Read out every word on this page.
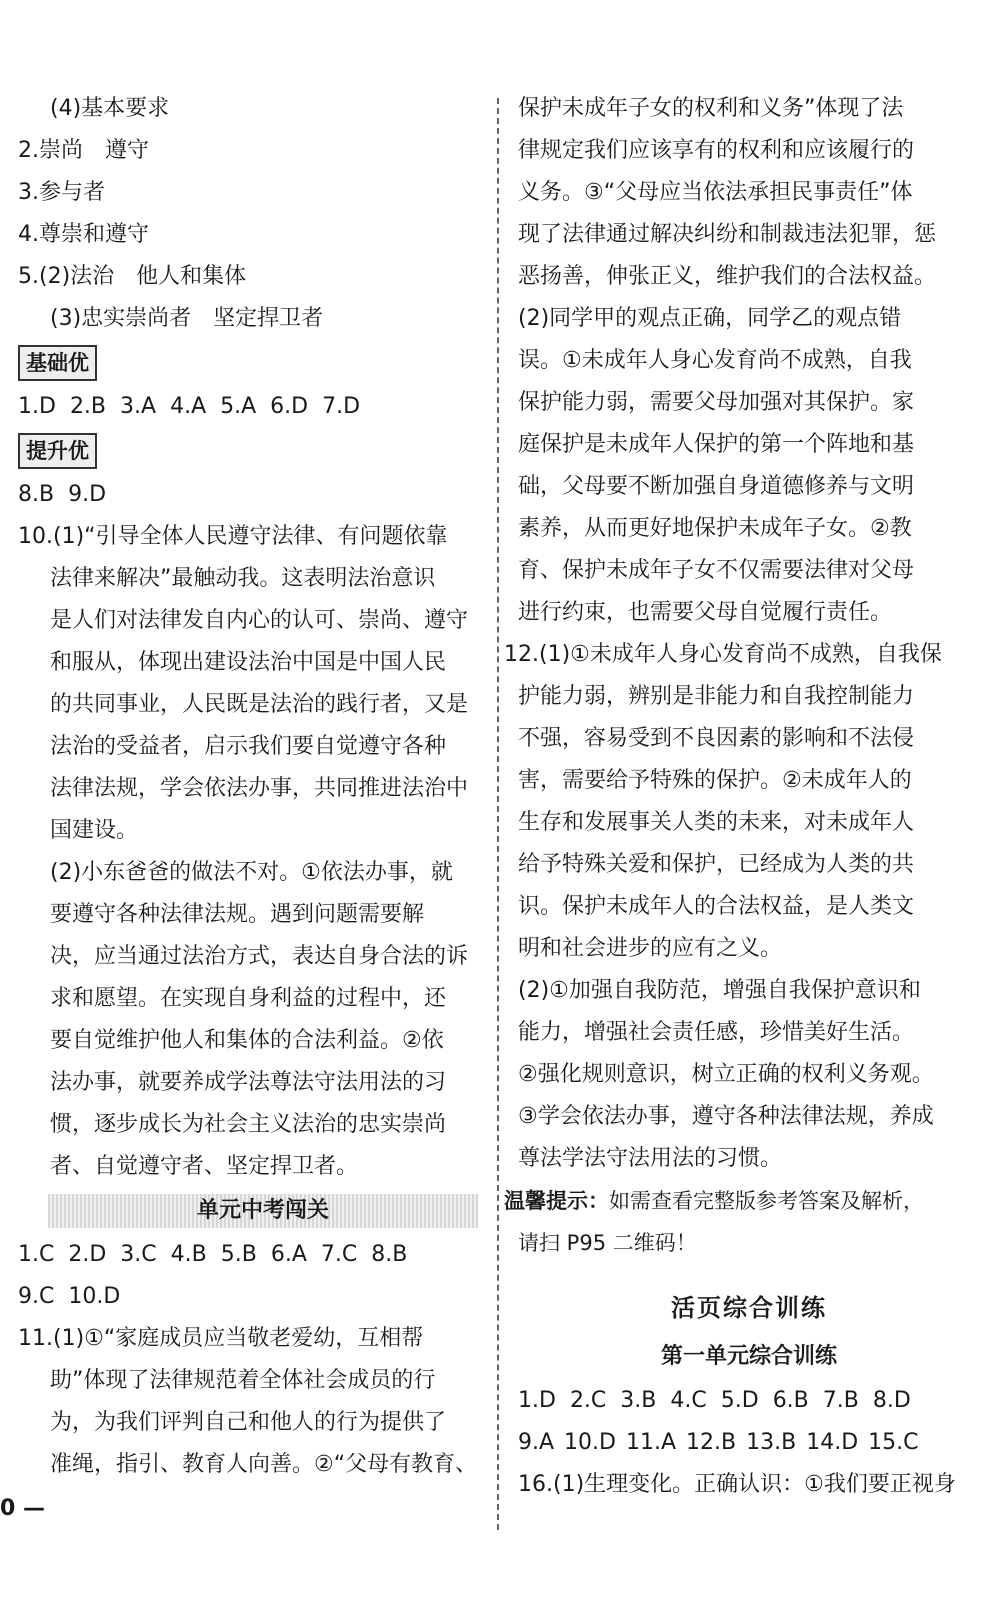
(4)基本要求
2.崇尚　遵守
3.参与者
4.尊崇和遵守
5.(2)法治　他人和集体
(3)忠实崇尚者　坚定捍卫者
基础优
1.D 2.B 3.A 4.A 5.A 6.D 7.D
提升优
8.B 9.D
10.(1)“引导全体人民遵守法律、有问题依靠
法律来解决”最触动我。这表明法治意识
是人们对法律发自内心的认可、崇尚、遵守
和服从，体现出建设法治中国是中国人民
的共同事业，人民既是法治的践行者，又是
法治的受益者，启示我们要自觉遵守各种
法律法规，学会依法办事，共同推进法治中
国建设。
(2)小东爸爸的做法不对。①依法办事，就
要遵守各种法律法规。遇到问题需要解
决，应当通过法治方式，表达自身合法的诉
求和愿望。在实现自身利益的过程中，还
要自觉维护他人和集体的合法利益。②依
法办事，就要养成学法尊法守法用法的习
惯，逐步成长为社会主义法治的忠实崇尚
者、自觉遵守者、坚定捍卫者。
单元中考闯关
1.C 2.D 3.C 4.B 5.B 6.A 7.C 8.B
9.C 10.D
11.(1)①“家庭成员应当敬老爱幼，互相帮
助”体现了法律规范着全体社会成员的行
为，为我们评判自己和他人的行为提供了
准绳，指引、教育人向善。②“父母有教育、
0 —
保护未成年子女的权利和义务”体现了法
律规定我们应该享有的权利和应该履行的
义务。③“父母应当依法承担民事责任”体
现了法律通过解决纠纷和制裁违法犯罪，惩
恶扬善，伸张正义，维护我们的合法权益。
(2)同学甲的观点正确，同学乙的观点错
误。①未成年人身心发育尚不成熟，自我
保护能力弱，需要父母加强对其保护。家
庭保护是未成年人保护的第一个阵地和基
础，父母要不断加强自身道德修养与文明
素养，从而更好地保护未成年子女。②教
育、保护未成年子女不仅需要法律对父母
进行约束，也需要父母自觉履行责任。
12.(1)①未成年人身心发育尚不成熟，自我保
护能力弱，辨别是非能力和自我控制能力
不强，容易受到不良因素的影响和不法侵
害，需要给予特殊的保护。②未成年人的
生存和发展事关人类的未来，对未成年人
给予特殊关爱和保护，已经成为人类的共
识。保护未成年人的合法权益，是人类文
明和社会进步的应有之义。
(2)①加强自我防范，增强自我保护意识和
能力，增强社会责任感，珍惜美好生活。
②强化规则意识，树立正确的权利义务观。
③学会依法办事，遵守各种法律法规，养成
尊法学法守法用法的习惯。
温馨提示：如需查看完整版参考答案及解析，
请扫 P95 二维码！
活页综合训练
第一单元综合训练
1.D 2.C 3.B 4.C 5.D 6.B 7.B 8.D
9.A 10.D 11.A 12.B 13.B 14.D 15.C
16.(1)生理变化。正确认识：①我们要正视身
